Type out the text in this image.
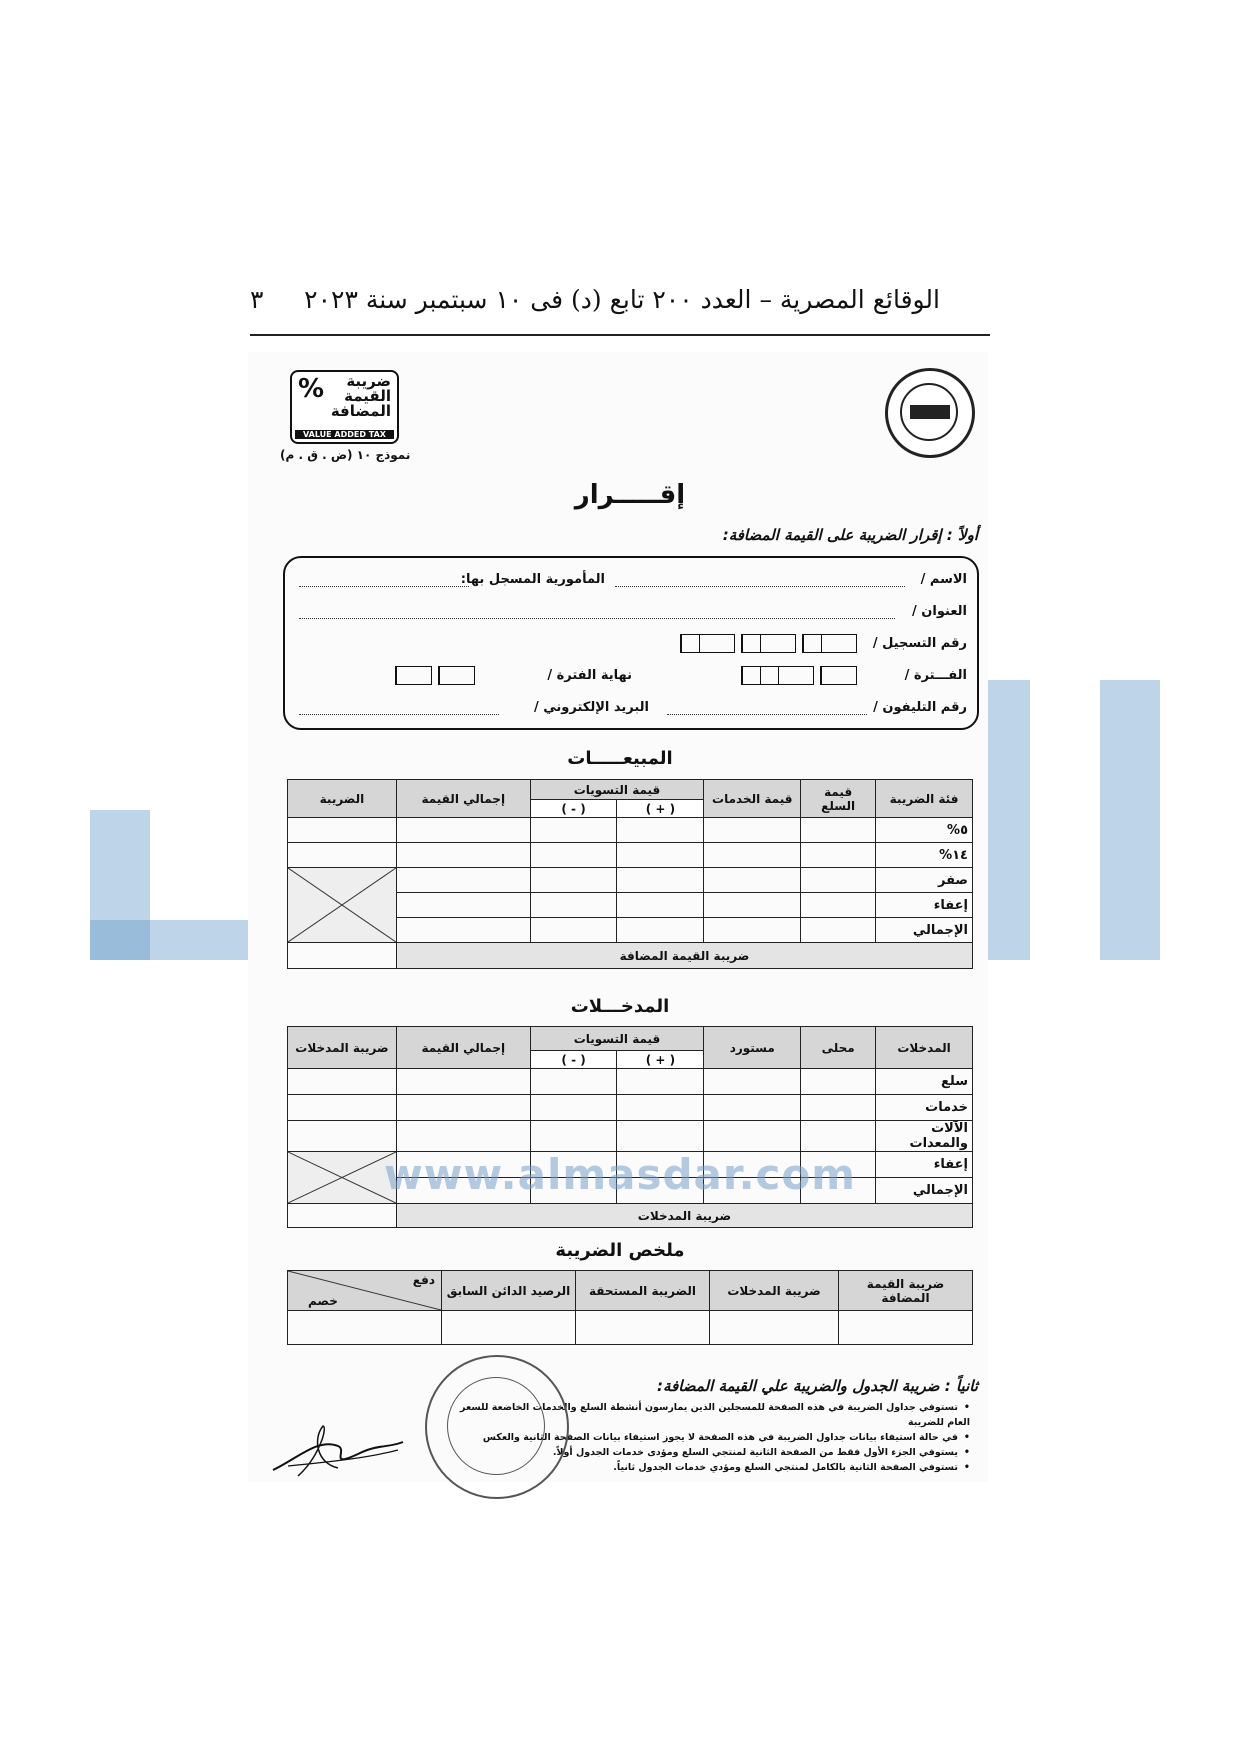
الوقائع المصرية – العدد ٢٠٠ تابع (د) فى ١٠ سبتمبر سنة ٢٠٢٣
٣
%	ضريبة
القيمة
المضافة
VALUE ADDED TAX
نموذج ١٠ (ض . ق . م)
إقـــــرار
أولاً : إقرار الضريبة على القيمة المضافة:
الاسم /
المأمورية المسجل بها:
العنوان /
رقم التسجيل /
الفـــترة /
نهاية الفترة /
رقم التليفون /
البريد الإلكتروني /
المبيعـــــات
فئة الضريبة	قيمة السلع	قيمة الخدمات	قيمة التسويات		إجمالي القيمة	الضريبة
			( + )	( - )		
٥%						
١٤%						
صفر						

إعفاء						
الإجمالي						
ضريبة القيمة المضافة						
المدخـــلات
المدخلات	محلى	مستورد	قيمة التسويات		إجمالي القيمة	ضريبة المدخلات
			( + )	( - )		
سلع						
خدمات						
الآلات والمعدات						
إعفاء						

الإجمالي						
ضريبة المدخلات						
ملخص الضريبة
ضريبة القيمة المضافة	ضريبة المدخلات	الضريبة المستحقة	الرصيد الدائن السابق	دفع
خصم

www.almasdar.com
ثانياً : ضريبة الجدول والضريبة علي القيمة المضافة:
• تستوفي جداول الضريبة في هذه الصفحة للمسجلين الذين يمارسون أنشطة السلع والخدمات الخاضعة للسعر العام للضريبة
• في حالة استيفاء بيانات جداول الضريبة في هذه الصفحة لا يجوز استيفاء بيانات الصفحة الثانية والعكس
• يستوفي الجزء الأول فقط من الصفحة الثانية لمنتجي السلع ومؤدى خدمات الجدول أولاً.
• تستوفي الصفحة الثانية بالكامل لمنتجي السلع ومؤدي خدمات الجدول ثانياً.
